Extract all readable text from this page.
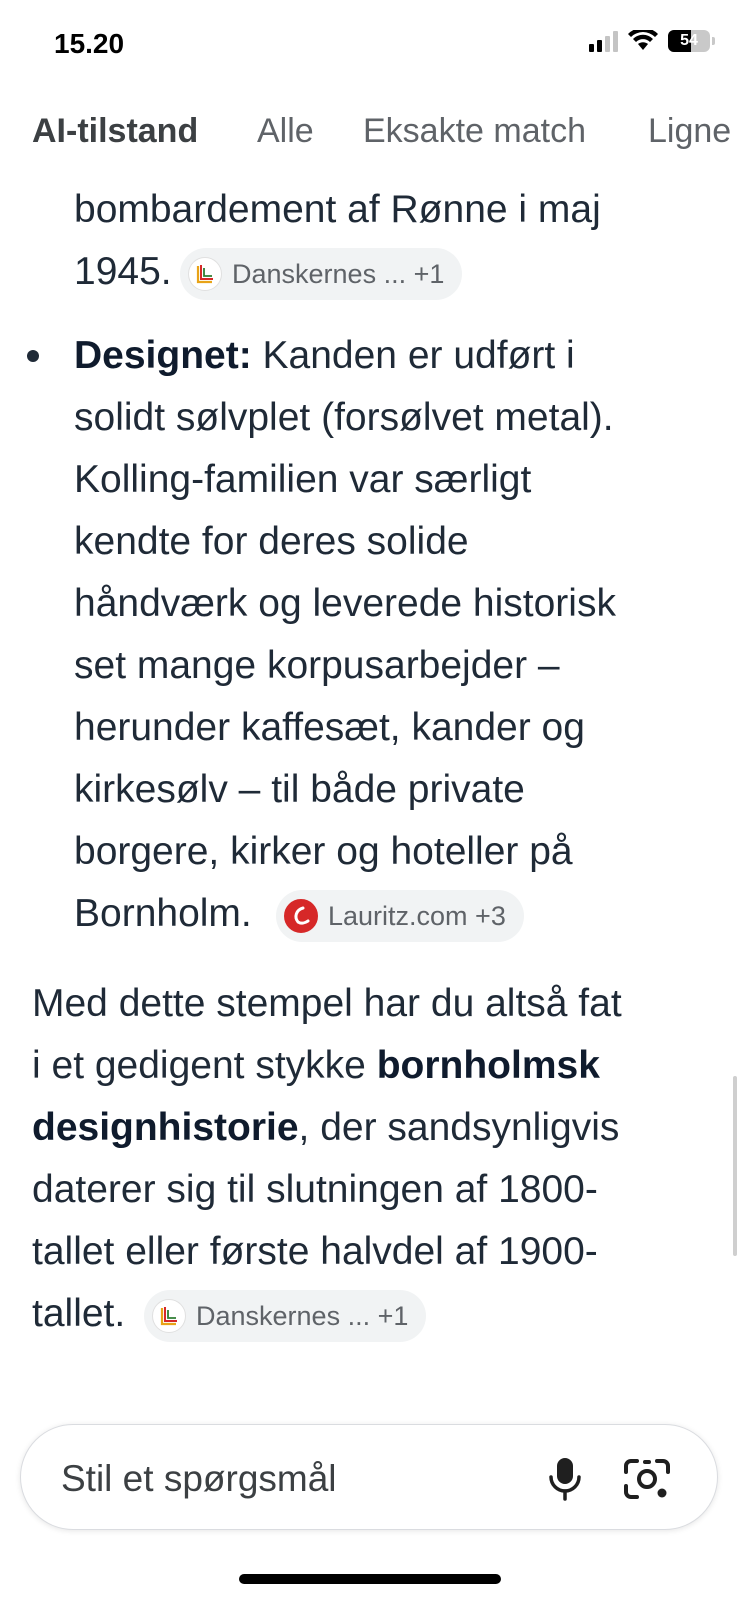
15.20	54
AI-tilstand Alle Eksakte match Ligne
bombardement af Rønne i maj
1945. Danskernes ... +1
Designet: Kanden er udført i
solidt sølvplet (forsølvet metal).
Kolling-familien var særligt
kendte for deres solide
håndværk og leverede historisk
set mange korpusarbejder –
herunder kaffesæt, kander og
kirkesølv – til både private
borgere, kirker og hoteller på
Bornholm.	Lauritz.com +3
Med dette stempel har du altså fat
i et gedigent stykke bornholmsk
designhistorie, der sandsynligvis
daterer sig til slutningen af 1800-
tallet eller første halvdel af 1900-
tallet.	Danskernes ... +1
Stil et spørgsmål
